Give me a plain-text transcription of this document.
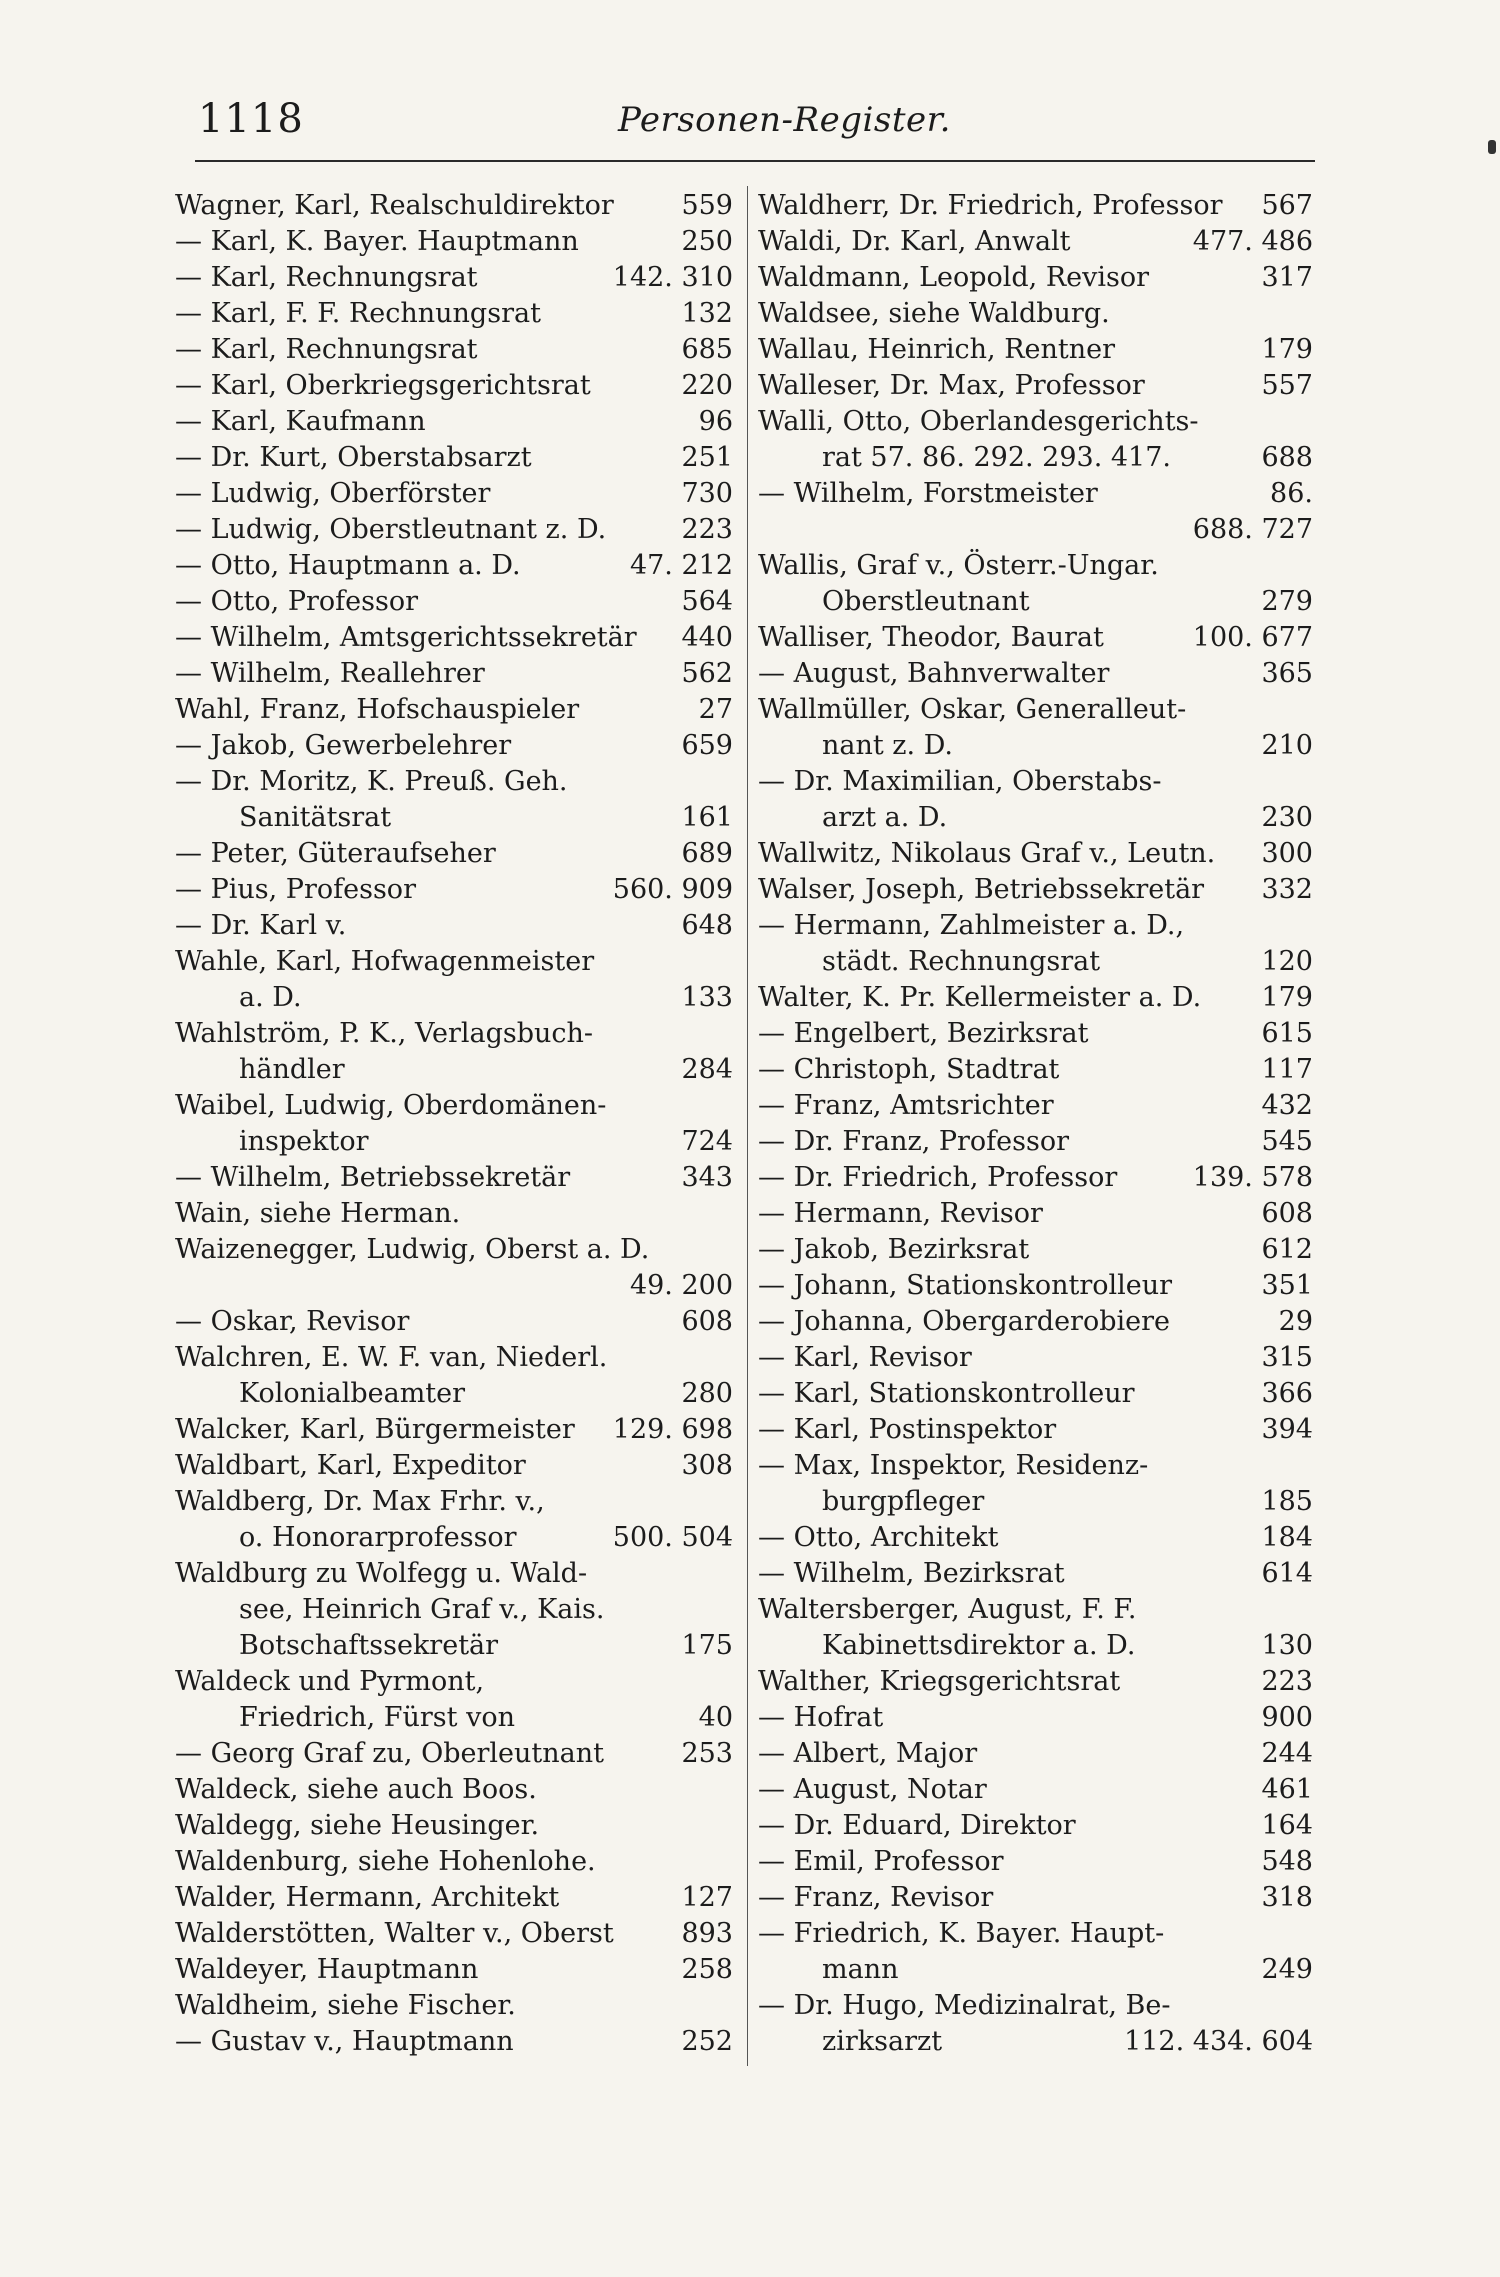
1118	Personen-Register.
Wagner, Karl, Realschuldirektor	559
— Karl, K. Bayer. Hauptmann	250
— Karl, Rechnungsrat	142. 310
— Karl, F. F. Rechnungsrat	132
— Karl, Rechnungsrat	685
— Karl, Oberkriegsgerichtsrat	220
— Karl, Kaufmann	96
— Dr. Kurt, Oberstabsarzt	251
— Ludwig, Oberförster	730
— Ludwig, Oberstleutnant z. D.	223
— Otto, Hauptmann a. D.	47. 212
— Otto, Professor	564
— Wilhelm, Amtsgerichtssekretär 440
— Wilhelm, Reallehrer	562
Wahl, Franz, Hofschauspieler	27
— Jakob, Gewerbelehrer	659
— Dr. Moritz, K. Preuß. Geh.
Sanitätsrat	161
— Peter, Güteraufseher	689
— Pius, Professor	560. 909
— Dr. Karl v.	648
Wahle, Karl, Hofwagenmeister
a. D.	133
Wahlström, P. K., Verlagsbuch-
händler	284
Waibel, Ludwig, Oberdomänen-
inspektor	724
— Wilhelm, Betriebssekretär	343
Wain, siehe Herman.
Waizenegger, Ludwig, Oberst a. D.
49. 200
— Oskar, Revisor	608
Walchren, E. W. F. van, Niederl.
Kolonialbeamter	280
Walcker, Karl, Bürgermeister 129. 698
Waldbart, Karl, Expeditor	308
Waldberg, Dr. Max Frhr. v.,
o. Honorarprofessor	500. 504
Waldburg zu Wolfegg u. Wald-
see, Heinrich Graf v., Kais.
Botschaftssekretär	175
Waldeck und Pyrmont,
Friedrich, Fürst von	40
— Georg Graf zu, Oberleutnant	253
Waldeck, siehe auch Boos.
Waldegg, siehe Heusinger.
Waldenburg, siehe Hohenlohe.
Walder, Hermann, Architekt	127
Walderstötten, Walter v., Oberst	893
Waldeyer, Hauptmann	258
Waldheim, siehe Fischer.
— Gustav v., Hauptmann	252
Waldherr, Dr. Friedrich, Professor 567
Waldi, Dr. Karl, Anwalt	477. 486
Waldmann, Leopold, Revisor	317
Waldsee, siehe Waldburg.
Wallau, Heinrich, Rentner	179
Walleser, Dr. Max, Professor	557
Walli, Otto, Oberlandesgerichts-
rat 57. 86. 292. 293. 417.	688
— Wilhelm, Forstmeister	86.
688. 727
Wallis, Graf v., Österr.-Ungar.
Oberstleutnant	279
Walliser, Theodor, Baurat	100. 677
— August, Bahnverwalter	365
Wallmüller, Oskar, Generalleut-
nant z. D.	210
— Dr. Maximilian, Oberstabs-
arzt a. D.	230
Wallwitz, Nikolaus Graf v., Leutn. 300
Walser, Joseph, Betriebssekretär 332
— Hermann, Zahlmeister a. D.,
städt. Rechnungsrat	120
Walter, K. Pr. Kellermeister a. D. 179
— Engelbert, Bezirksrat	615
— Christoph, Stadtrat	117
— Franz, Amtsrichter	432
— Dr. Franz, Professor	545
— Dr. Friedrich, Professor	139. 578
— Hermann, Revisor	608
— Jakob, Bezirksrat	612
— Johann, Stationskontrolleur	351
— Johanna, Obergarderobiere	29
— Karl, Revisor	315
— Karl, Stationskontrolleur	366
— Karl, Postinspektor	394
— Max, Inspektor, Residenz-
burgpfleger	185
— Otto, Architekt	184
— Wilhelm, Bezirksrat	614
Waltersberger, August, F. F.
Kabinettsdirektor a. D.	130
Walther, Kriegsgerichtsrat	223
— Hofrat	900
— Albert, Major	244
— August, Notar	461
— Dr. Eduard, Direktor	164
— Emil, Professor	548
— Franz, Revisor	318
— Friedrich, K. Bayer. Haupt-
mann	249
— Dr. Hugo, Medizinalrat, Be-
zirksarzt	112. 434. 604
